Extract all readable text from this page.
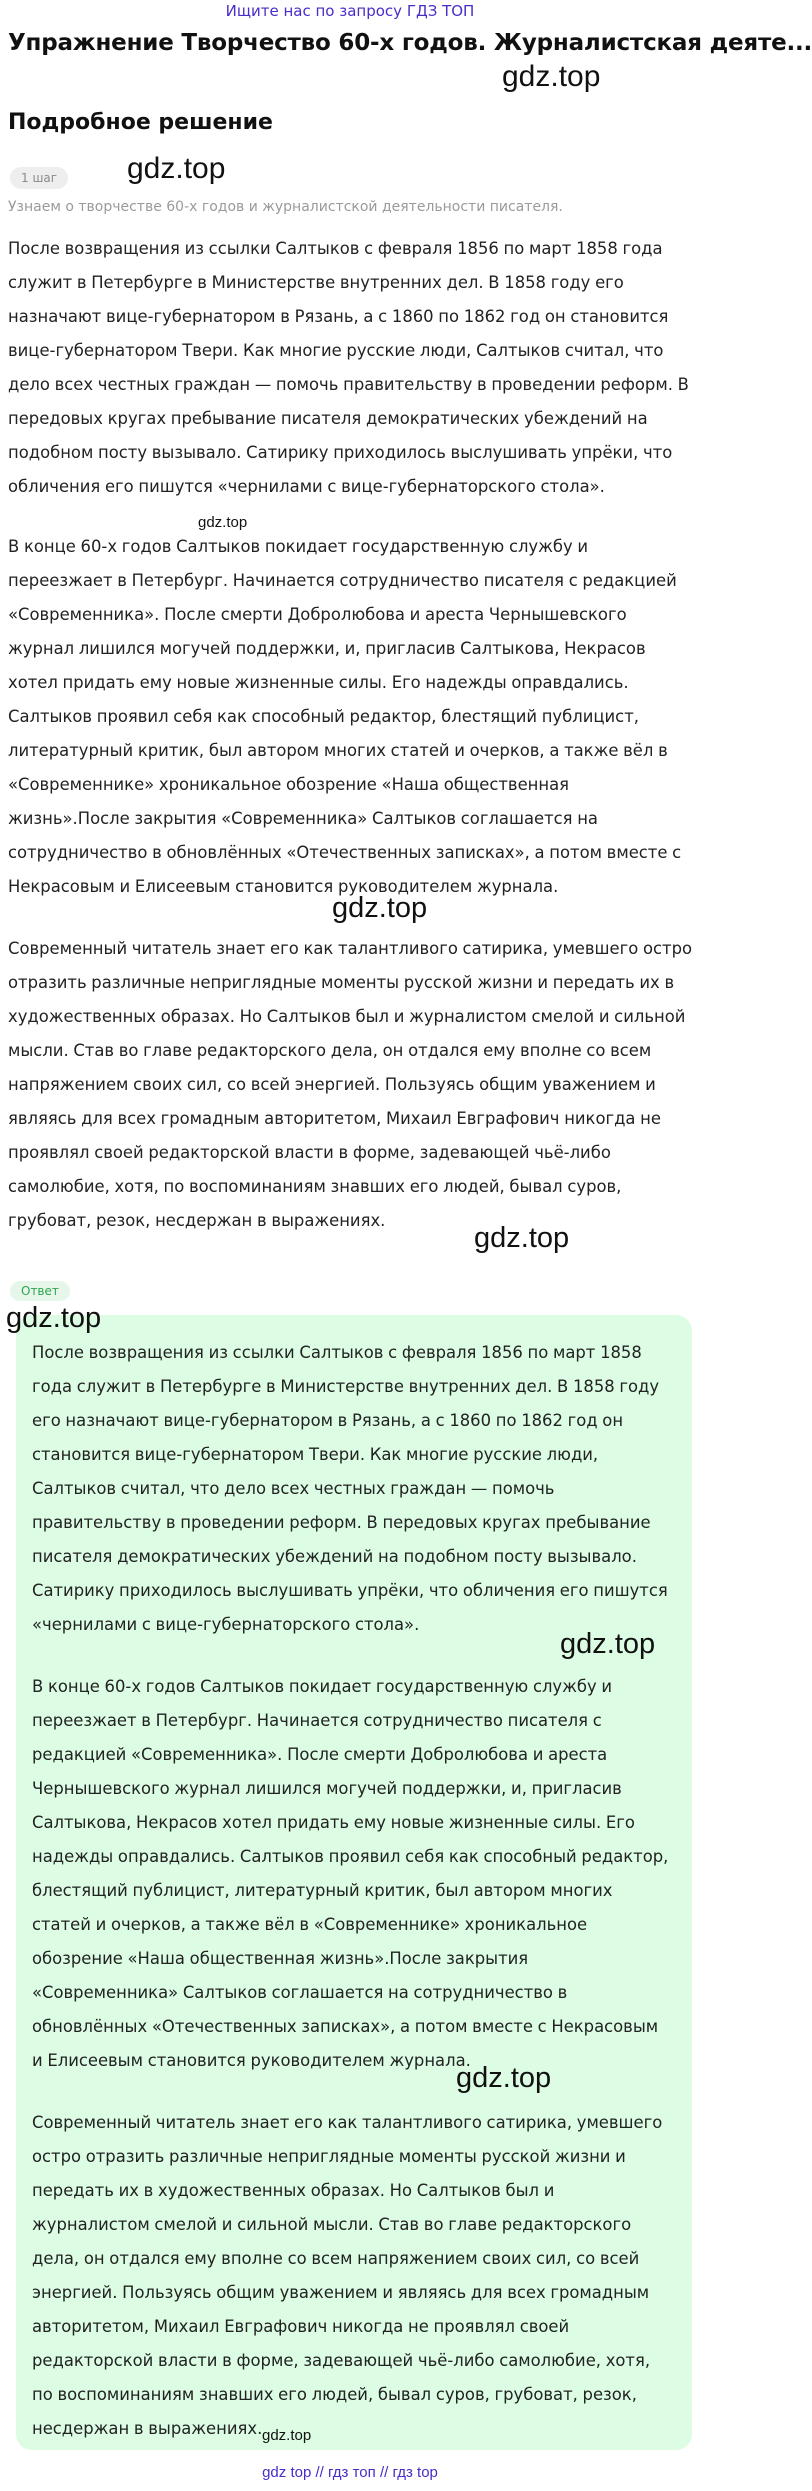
Ищите нас по запросу ГДЗ ТОП
Упражнение Творчество 60-х годов. Журналистская деяте...
gdz.top
Подробное решение
1 шаг	gdz.top
Узнаем о творчестве 60-х годов и журналистской деятельности писателя.

После возвращения из ссылки Салтыков с февраля 1856 по март 1858 года служит в Петербурге в Министерстве внутренних дел. В 1858 году его назначают вице-губернатором в Рязань, а с 1860 по 1862 год он становится вице-губернатором Твери. Как многие русские люди, Салтыков считал, что дело всех честных граждан — помочь правительству в проведении реформ. В передовых кругах пребывание писателя демократических убеждений на подобном посту вызывало. Сатирику приходилось выслушивать упрёки, что обличения его пишутся «чернилами с вице-губернаторского стола».

В конце 60-х годов Салтыков покидает государственную службу и переезжает в Петербург. Начинается сотрудничество писателя с редакцией «Современника». После смерти Добролюбова и ареста Чернышевского журнал лишился могучей поддержки, и, пригласив Салтыкова, Некрасов хотел придать ему новые жизненные силы. Его надежды оправдались. Салтыков проявил себя как способный редактор, блестящий публицист, литературный критик, был автором многих статей и очерков, а также вёл в «Современнике» хроникальное обозрение «Наша общественная жизнь».После закрытия «Современника» Салтыков соглашается на сотрудничество в обновлённых «Отечественных записках», а потом вместе с Некрасовым и Елисеевым становится руководителем журнала.

Современный читатель знает его как талантливого сатирика, умевшего остро отразить различные неприглядные моменты русской жизни и передать их в художественных образах. Но Салтыков был и журналистом смелой и сильной мысли. Став во главе редакторского дела, он отдался ему вполне со всем напряжением своих сил, со всей энергией. Пользуясь общим уважением и являясь для всех громадным авторитетом, Михаил Евграфович никогда не проявлял своей редакторской власти в форме, задевающей чьё-либо самолюбие, хотя, по воспоминаниям знавших его людей, бывал суров, грубоват, резок, несдержан в выражениях.

gdz.top
gdz.top
gdz.top
Ответ
gdz.top

После возвращения из ссылки Салтыков с февраля 1856 по март 1858 года служит в Петербурге в Министерстве внутренних дел. В 1858 году его назначают вице-губернатором в Рязань, а с 1860 по 1862 год он становится вице-губернатором Твери. Как многие русские люди, Салтыков считал, что дело всех честных граждан — помочь правительству в проведении реформ. В передовых кругах пребывание писателя демократических убеждений на подобном посту вызывало. Сатирику приходилось выслушивать упрёки, что обличения его пишутся «чернилами с вице-губернаторского стола».

В конце 60-х годов Салтыков покидает государственную службу и переезжает в Петербург. Начинается сотрудничество писателя с редакцией «Современника». После смерти Добролюбова и ареста Чернышевского журнал лишился могучей поддержки, и, пригласив Салтыкова, Некрасов хотел придать ему новые жизненные силы. Его надежды оправдались. Салтыков проявил себя как способный редактор, блестящий публицист, литературный критик, был автором многих статей и очерков, а также вёл в «Современнике» хроникальное обозрение «Наша общественная жизнь».После закрытия «Современника» Салтыков соглашается на сотрудничество в обновлённых «Отечественных записках», а потом вместе с Некрасовым и Елисеевым становится руководителем журнала.

Современный читатель знает его как талантливого сатирика, умевшего остро отразить различные неприглядные моменты русской жизни и передать их в художественных образах. Но Салтыков был и журналистом смелой и сильной мысли. Став во главе редакторского дела, он отдался ему вполне со всем напряжением своих сил, со всей энергией. Пользуясь общим уважением и являясь для всех громадным авторитетом, Михаил Евграфович никогда не проявлял своей редакторской власти в форме, задевающей чьё-либо самолюбие, хотя, по воспоминаниям знавших его людей, бывал суров, грубоват, резок, несдержан в выражениях.

gdz.top
gdz.top
gdz.top
gdz top // гдз топ // гдз top
